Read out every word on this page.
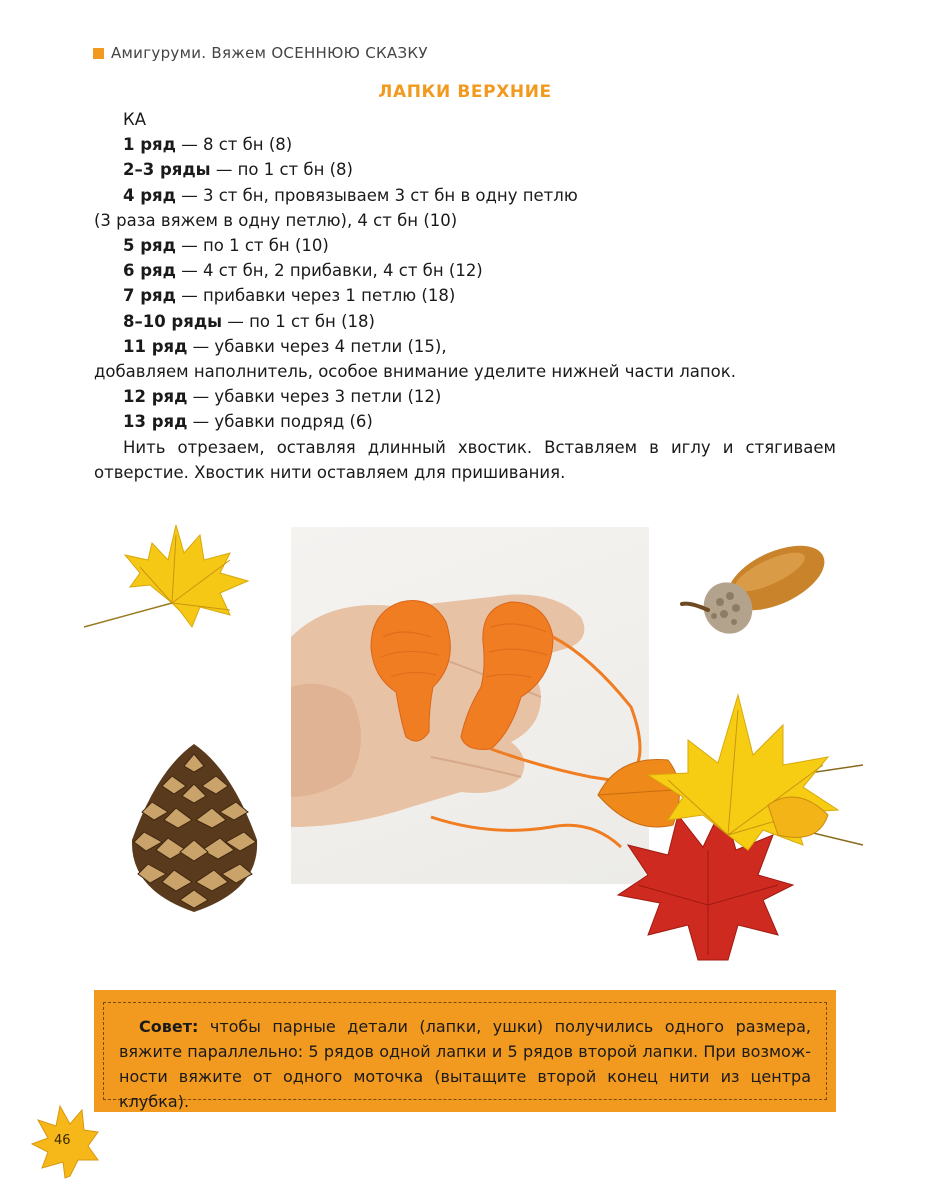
Амигуруми. Вяжем ОСЕННЮЮ СКАЗКУ
ЛАПКИ ВЕРХНИЕ
КА
1 ряд — 8 ст бн (8)
2–3 ряды — по 1 ст бн (8)
4 ряд — 3 ст бн, провязываем 3 ст бн в одну петлю
(3 раза вяжем в одну петлю), 4 ст бн (10)
5 ряд — по 1 ст бн (10)
6 ряд — 4 ст бн, 2 прибавки, 4 ст бн (12)
7 ряд — прибавки через 1 петлю (18)
8–10 ряды — по 1 ст бн (18)
11 ряд — убавки через 4 петли (15),
добавляем наполнитель, особое внимание уделите нижней части лапок.
12 ряд — убавки через 3 петли (12)
13 ряд — убавки подряд (6)
Нить отрезаем, оставляя длинный хвостик. Вставляем в иглу и стягиваем
отверстие. Хвостик нити оставляем для пришивания.
Совет: чтобы парные детали (лапки, ушки) получились одного размера,
вяжите параллельно: 5 рядов одной лапки и 5 рядов второй лапки. При возмож-
ности вяжите от одного моточка (вытащите второй конец нити из центра клубка).
46
